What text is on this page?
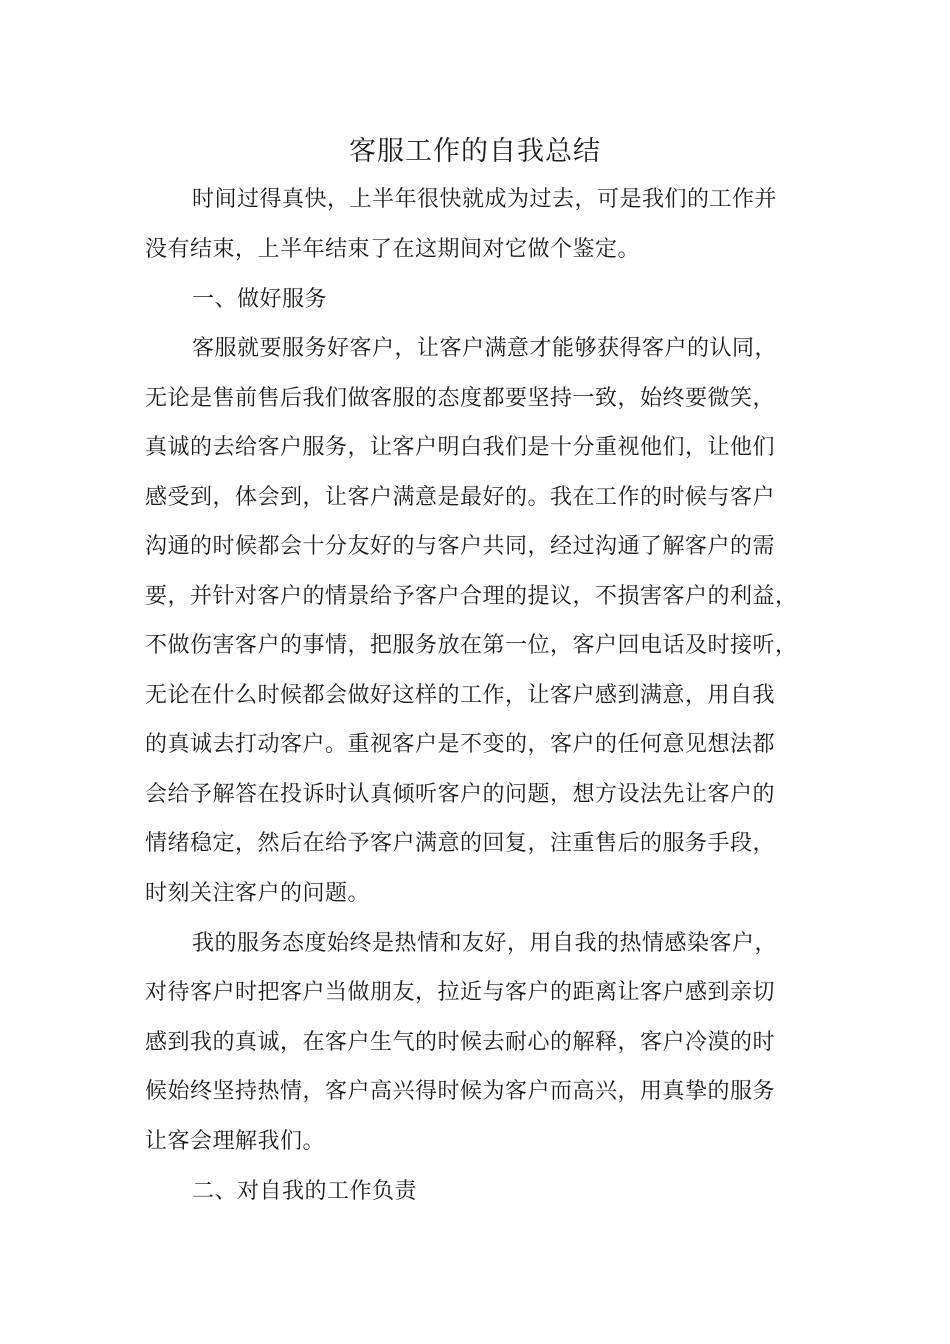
客服工作的自我总结
时间过得真快，上半年很快就成为过去，可是我们的工作并
没有结束，上半年结束了在这期间对它做个鉴定。
一、做好服务
客服就要服务好客户，让客户满意才能够获得客户的认同，
无论是售前售后我们做客服的态度都要坚持一致，始终要微笑，
真诚的去给客户服务，让客户明白我们是十分重视他们，让他们
感受到，体会到，让客户满意是最好的。我在工作的时候与客户
沟通的时候都会十分友好的与客户共同，经过沟通了解客户的需
要，并针对客户的情景给予客户合理的提议，不损害客户的利益，
不做伤害客户的事情，把服务放在第一位，客户回电话及时接听，
无论在什么时候都会做好这样的工作，让客户感到满意，用自我
的真诚去打动客户。重视客户是不变的，客户的任何意见想法都
会给予解答在投诉时认真倾听客户的问题，想方设法先让客户的
情绪稳定，然后在给予客户满意的回复，注重售后的服务手段，
时刻关注客户的问题。
我的服务态度始终是热情和友好，用自我的热情感染客户，
对待客户时把客户当做朋友，拉近与客户的距离让客户感到亲切
感到我的真诚，在客户生气的时候去耐心的解释，客户冷漠的时
候始终坚持热情，客户高兴得时候为客户而高兴，用真挚的服务
让客会理解我们。
二、对自我的工作负责
